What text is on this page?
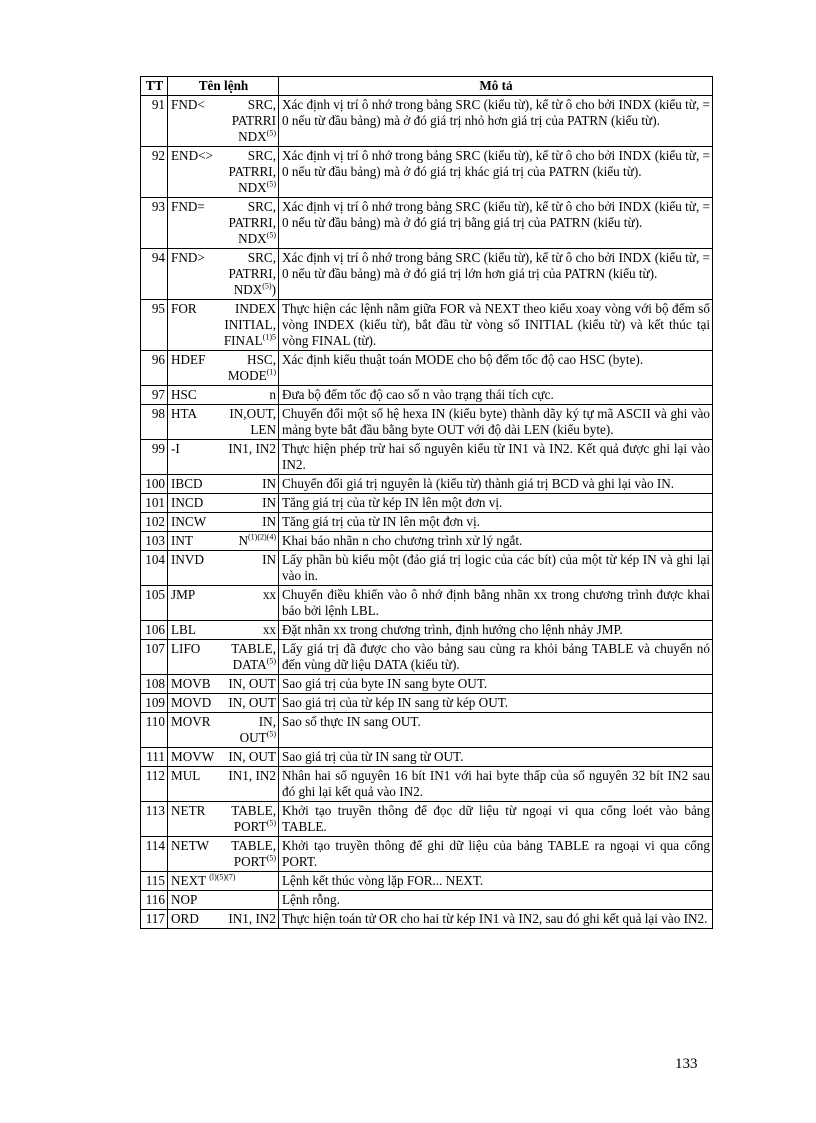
TT	Tên lệnh	Mô tả
91	FND< SRC,
PATRRI
NDX$^{(5)}$	Xác định vị trí ô nhớ trong bảng SRC (kiểu từ), kể từ ô cho bởi INDX (kiểu từ, = 0 nếu từ đầu bảng) mà ở đó giá trị nhỏ hơn giá trị của PATRN (kiểu từ).
92	END<> SRC,
PATRRI,
NDX$^{(5)}$	Xác định vị trí ô nhớ trong bảng SRC (kiểu từ), kể từ ô cho bởi INDX (kiểu từ, = 0 nếu từ đầu bảng) mà ở đó giá trị khác giá trị của PATRN (kiểu từ).
93	FND= SRC,
PATRRI,
NDX$^{(5)}$	Xác định vị trí ô nhớ trong bảng SRC (kiểu từ), kể từ ô cho bởi INDX (kiểu từ, = 0 nếu từ đầu bảng) mà ở đó giá trị bằng giá trị của PATRN (kiểu từ).
94	FND> SRC,
PATRRI,
NDX$^{(5)}$)	Xác định vị trí ô nhớ trong bảng SRC (kiểu từ), kể từ ô cho bởi INDX (kiểu từ, = 0 nếu từ đầu bảng) mà ở đó giá trị lớn hơn giá trị của PATRN (kiểu từ).
95	FOR INDEX
INITIAL,
$FINAL^{(1)5}$	Thực hiện các lệnh nằm giữa FOR và NEXT theo kiểu xoay vòng với bộ đếm số vòng INDEX (kiểu từ), bắt đầu từ vòng số INITIAL (kiểu từ) và kết thúc tại vòng FINAL (từ).
96	HDEF HSC,
MODE$^{(1)}$	Xác định kiểu thuật toán MODE cho bộ đếm tốc độ cao HSC (byte).
97	HSC n	Đưa bộ đếm tốc độ cao số n vào trạng thái tích cực.
98	HTA IN,OUT,
LEN	Chuyển đổi một số hệ hexa IN (kiểu byte) thành dãy ký tự mã ASCII và ghi vào mảng byte bắt đầu bằng byte OUT với độ dài LEN (kiểu byte).
99	-I IN1, IN2	Thực hiện phép trừ hai số nguyên kiểu từ IN1 và IN2. Kết quả được ghi lại vào IN2.
100	IBCD IN	Chuyển đổi giá trị nguyên là (kiểu từ) thành giá trị BCD và ghi lại vào IN.
101	INCD IN	Tăng giá trị của từ kép IN lên một đơn vị.
102	INCW IN	Tăng giá trị của từ IN lên một đơn vị.
103	INT $N^{(1)(2)(4)}$	Khai báo nhãn n cho chương trình xử lý ngắt.
104	INVD IN	Lấy phần bù kiểu một (đảo giá trị logic của các bít) của một từ kép IN và ghi lại vào in.
105	JMP xx	Chuyển điều khiển vào ô nhớ định bằng nhãn xx trong chương trình được khai báo bởi lệnh LBL.
106	LBL xx	Đặt nhãn xx trong chương trình, định hướng cho lệnh nhảy JMP.
107	LIFO TABLE,
DATA$^{(5)}$	Lấy giá trị đã được cho vào bảng sau cùng ra khỏi bảng TABLE và chuyển nó đến vùng dữ liệu DATA (kiểu từ).
108	MOVB IN, OUT	Sao giá trị của byte IN sang byte OUT.
109	MOVD IN, OUT	Sao giá trị của từ kép IN sang từ kép OUT.
110	MOVR IN,
OUT$^{(5)}$	Sao số thực IN sang OUT.
111	MOVW IN, OUT	Sao giá trị của từ IN sang từ OUT.
112	MUL IN1, IN2	Nhân hai số nguyên 16 bít IN1 với hai byte thấp của số nguyên 32 bít IN2 sau đó ghi lại kết quả vào IN2.
113	NETR TABLE,
PORT$^{(5)}$	Khởi tạo truyền thông để đọc dữ liệu từ ngoại vi qua cổng loét vào bảng TABLE.
114	NETW TABLE,
PORT$^{(5)}$	Khởi tạo truyền thông để ghi dữ liệu của bảng TABLE ra ngoại vi qua cổng PORT.
115	NEXT $^{(l)(5)(7)}$	Lệnh kết thúc vòng lặp FOR... NEXT.
116	NOP	Lệnh rỗng.
117	ORD IN1, IN2	Thực hiện toán tử OR cho hai từ kép IN1 và IN2, sau đó ghi kết quả lại vào IN2.
133
